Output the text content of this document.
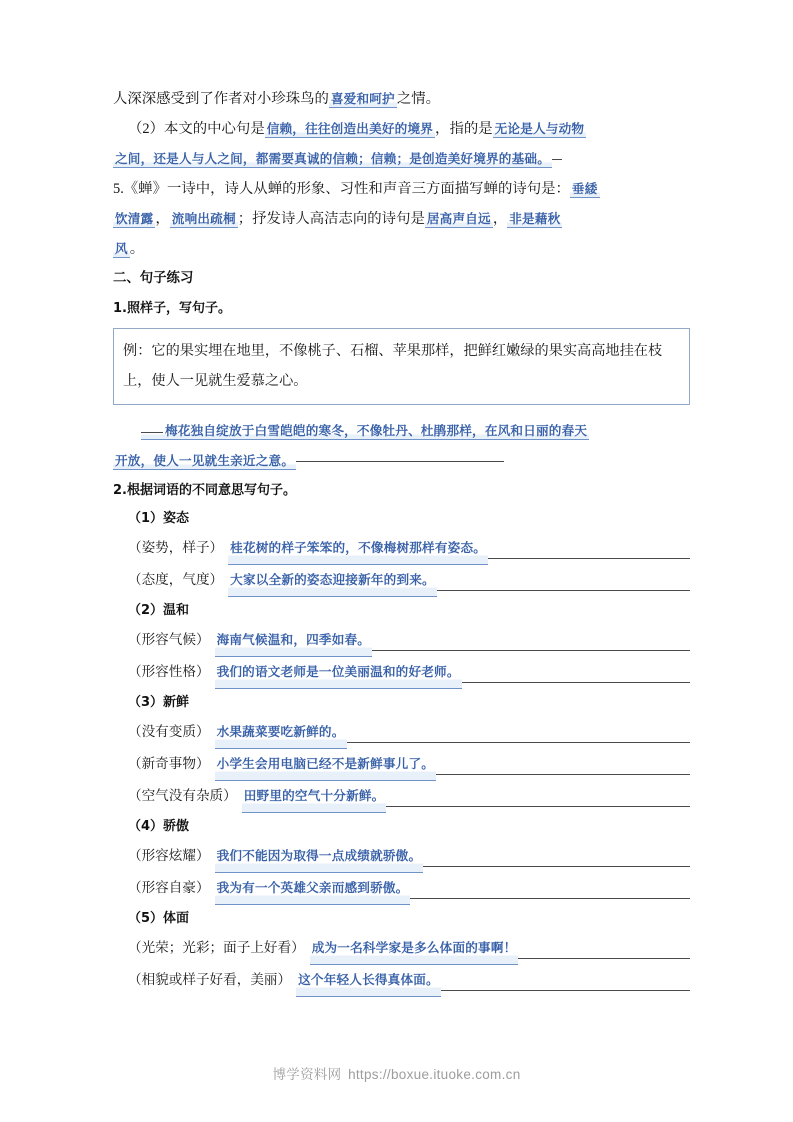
人深深感受到了作者对小珍珠鸟的 喜爱和呵护 之情。
（2）本文的中心句是 信赖，往往创造出美好的境界 ，指的是 无论是人与动物
之间，还是人与人之间，都需要真诚的信赖；信赖；是创造美好境界的基础。
5.《蝉》一诗中，诗人从蝉的形象、习性和声音三方面描写蝉的诗句是： 垂緌
饮清露 ， 流响出疏桐 ；抒发诗人高洁志向的诗句是 居高声自远 ， 非是藉秋
风 。
二、句子练习
1.照样子，写句子。
例：它的果实埋在地里，不像桃子、石榴、苹果那样，把鲜红嫩绿的果实高高地挂在枝上，使人一见就生爱慕之心。
梅花独自绽放于白雪皑皑的寒冬，不像牡丹、杜鹃那样，在风和日丽的春天
开放，使人一见就生亲近之意。
2.根据词语的不同意思写句子。
（1）姿态
（姿势，样子） 桂花树的样子笨笨的，不像梅树那样有姿态。
（态度，气度） 大家以全新的姿态迎接新年的到来。
（2）温和
（形容气候） 海南气候温和，四季如春。
（形容性格） 我们的语文老师是一位美丽温和的好老师。
（3）新鲜
（没有变质） 水果蔬菜要吃新鲜的。
（新奇事物） 小学生会用电脑已经不是新鲜事儿了。
（空气没有杂质） 田野里的空气十分新鲜。
（4）骄傲
（形容炫耀） 我们不能因为取得一点成绩就骄傲。
（形容自豪） 我为有一个英雄父亲而感到骄傲。
（5）体面
（光荣；光彩；面子上好看） 成为一名科学家是多么体面的事啊！
（相貌或样子好看，美丽） 这个年轻人长得真体面。
博学资料网 https://boxue.ituoke.com.cn
